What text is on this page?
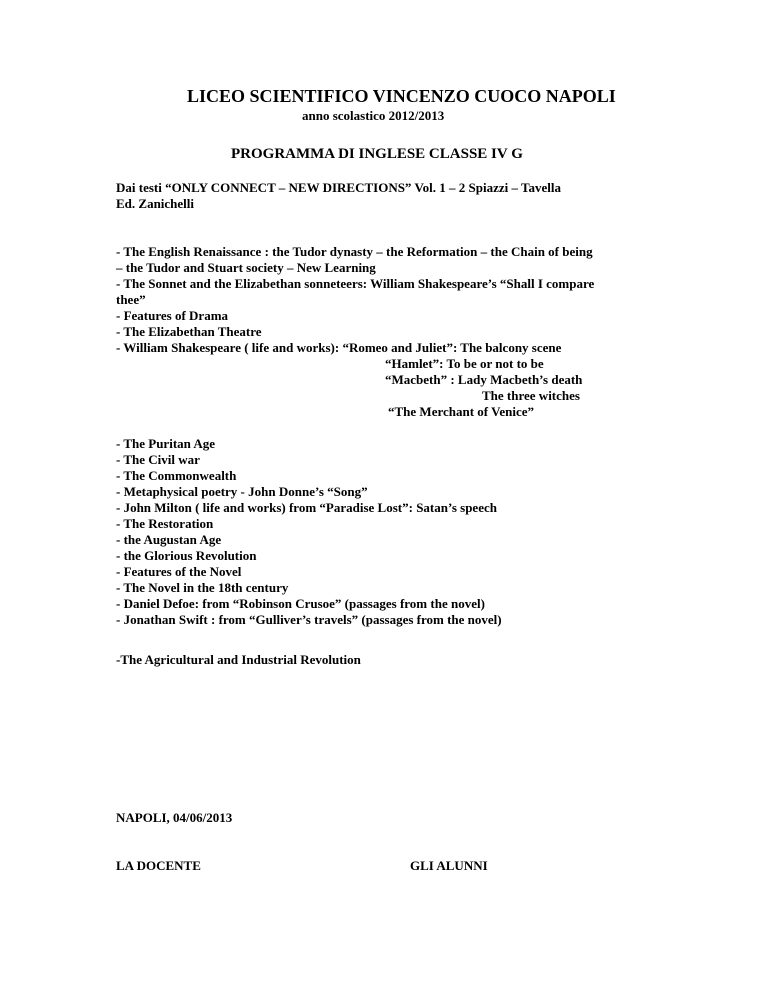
LICEO SCIENTIFICO VINCENZO CUOCO NAPOLI
anno scolastico 2012/2013
PROGRAMMA DI INGLESE CLASSE IV G
Dai testi “ONLY CONNECT – NEW DIRECTIONS” Vol. 1 – 2 Spiazzi – Tavella
Ed. Zanichelli
- The English Renaissance : the Tudor dynasty – the Reformation – the Chain of being
– the Tudor and Stuart society – New Learning
- The Sonnet and the Elizabethan sonneteers: William Shakespeare’s “Shall I compare
thee”
- Features of Drama
- The Elizabethan Theatre
- William Shakespeare ( life and works): “Romeo and Juliet”: The balcony scene
“Hamlet”: To be or not to be
“Macbeth” : Lady Macbeth’s death
The three witches
“The Merchant of Venice”
- The Puritan Age
- The Civil war
- The Commonwealth
- Metaphysical poetry - John Donne’s “Song”
- John Milton ( life and works) from “Paradise Lost”: Satan’s speech
- The Restoration
- the Augustan Age
- the Glorious Revolution
- Features of the Novel
- The Novel in the 18th century
- Daniel Defoe: from “Robinson Crusoe” (passages from the novel)
- Jonathan Swift : from “Gulliver’s travels” (passages from the novel)
-The Agricultural and Industrial Revolution
NAPOLI, 04/06/2013
LA DOCENTE	GLI ALUNNI
